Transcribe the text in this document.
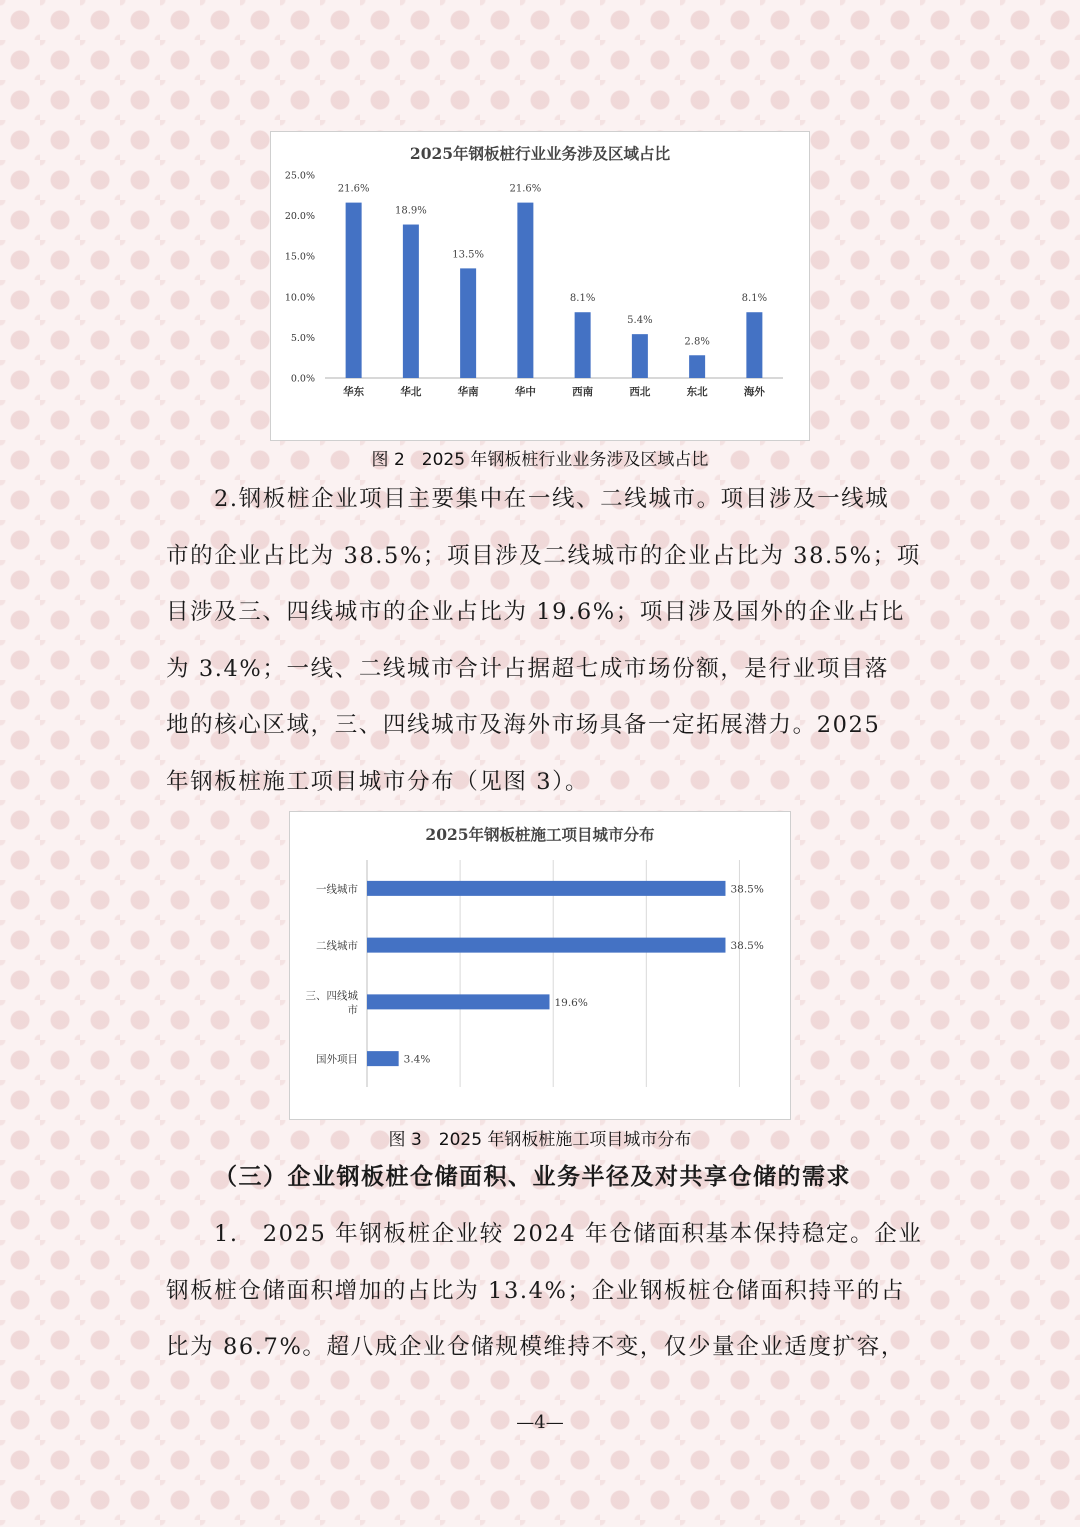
2025年钢板桩行业业务涉及区域占比
0.0%
5.0%
10.0%
15.0%
20.0%
25.0%
21.6%
华东
18.9%
华北
13.5%
华南
21.6%
华中
8.1%
西南
5.4%
西北
2.8%
东北
8.1%
海外
图 2　2025 年钢板桩行业业务涉及区域占比
2.钢板桩企业项目主要集中在一线、二线城市。项目涉及一线城
市的企业占比为 38.5%；项目涉及二线城市的企业占比为 38.5%；项
目涉及三、四线城市的企业占比为 19.6%；项目涉及国外的企业占比
为 3.4%；一线、二线城市合计占据超七成市场份额，是行业项目落
地的核心区域，三、四线城市及海外市场具备一定拓展潜力。2025
年钢板桩施工项目城市分布（见图 3）。
2025年钢板桩施工项目城市分布
38.5%
一线城市
38.5%
二线城市
19.6%
三、四线城
市
3.4%
国外项目
图 3　2025 年钢板桩施工项目城市分布
（三）企业钢板桩仓储面积、业务半径及对共享仓储的需求
1.　2025 年钢板桩企业较 2024 年仓储面积基本保持稳定。企业
钢板桩仓储面积增加的占比为 13.4%；企业钢板桩仓储面积持平的占
比为 86.7%。超八成企业仓储规模维持不变，仅少量企业适度扩容，
—4—
